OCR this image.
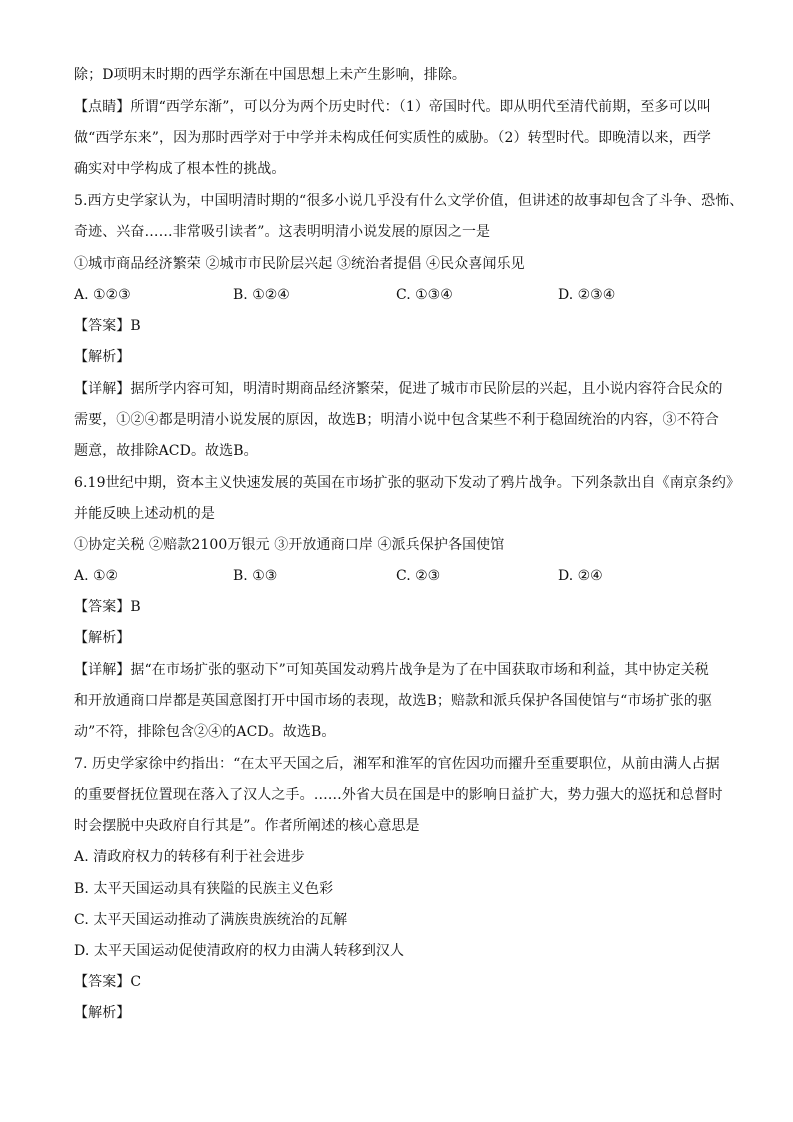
除；D项明末时期的西学东渐在中国思想上未产生影响，排除。
【点睛】所谓“西学东渐”，可以分为两个历史时代：（1）帝国时代。即从明代至清代前期，至多可以叫
做“西学东来”，因为那时西学对于中学并未构成任何实质性的威胁。（2）转型时代。即晚清以来，西学
确实对中学构成了根本性的挑战。
5.西方史学家认为，中国明清时期的“很多小说几乎没有什么文学价值，但讲述的故事却包含了斗争、恐怖、
奇迹、兴奋……非常吸引读者”。这表明明清小说发展的原因之一是
①城市商品经济繁荣 ②城市市民阶层兴起 ③统治者提倡 ④民众喜闻乐见
A. ①②③	B. ①②④	C. ①③④	D. ②③④
【答案】B
【解析】
【详解】据所学内容可知，明清时期商品经济繁荣，促进了城市市民阶层的兴起，且小说内容符合民众的
需要，①②④都是明清小说发展的原因，故选B；明清小说中包含某些不利于稳固统治的内容，③不符合
题意，故排除ACD。故选B。
6.19世纪中期，资本主义快速发展的英国在市场扩张的驱动下发动了鸦片战争。下列条款出自《南京条约》
并能反映上述动机的是
①协定关税 ②赔款2100万银元 ③开放通商口岸 ④派兵保护各国使馆
A. ①②	B. ①③	C. ②③	D. ②④
【答案】B
【解析】
【详解】据“在市场扩张的驱动下”可知英国发动鸦片战争是为了在中国获取市场和利益，其中协定关税
和开放通商口岸都是英国意图打开中国市场的表现，故选B；赔款和派兵保护各国使馆与“市场扩张的驱
动”不符，排除包含②④的ACD。故选B。
7. 历史学家徐中约指出：“在太平天国之后，湘军和淮军的官佐因功而擢升至重要职位，从前由满人占据
的重要督抚位置现在落入了汉人之手。……外省大员在国是中的影响日益扩大，势力强大的巡抚和总督时
时会摆脱中央政府自行其是”。作者所阐述的核心意思是
A. 清政府权力的转移有利于社会进步
B. 太平天国运动具有狭隘的民族主义色彩
C. 太平天国运动推动了满族贵族统治的瓦解
D. 太平天国运动促使清政府的权力由满人转移到汉人
【答案】C
【解析】
